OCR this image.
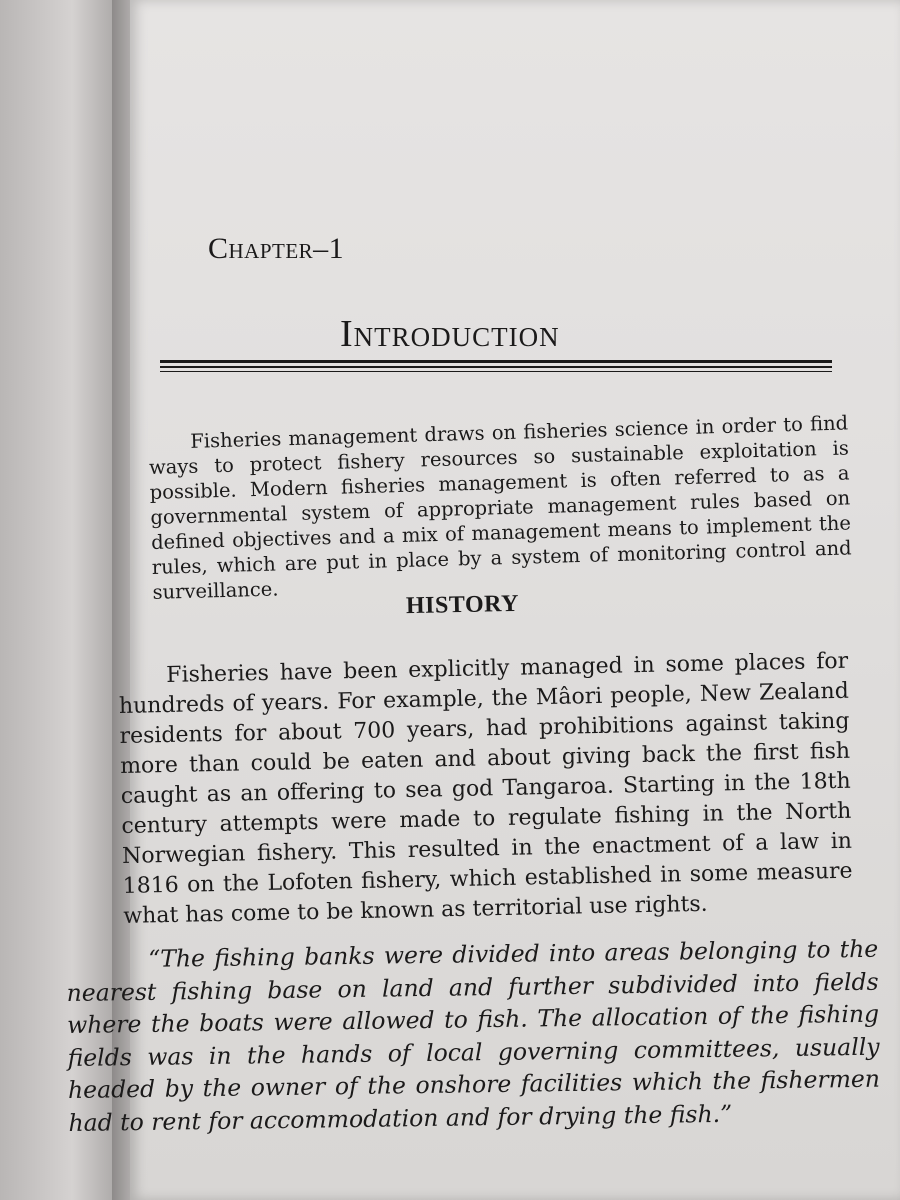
Chapter–1
Introduction

Fisheries management draws on fisheries science in order to find ways to protect fishery resources so sustainable exploitation is possible. Modern fisheries management is often referred to as a governmental system of appropriate management rules based on defined objectives and a mix of management means to implement the rules, which are put in place by a system of monitoring control and surveillance.

HISTORY

Fisheries have been explicitly managed in some places for hundreds of years. For example, the Mâori people, New Zealand residents for about 700 years, had prohibitions against taking more than could be eaten and about giving back the first fish caught as an offering to sea god Tangaroa. Starting in the 18th century attempts were made to regulate fishing in the North Norwegian fishery. This resulted in the enactment of a law in 1816 on the Lofoten fishery, which established in some measure what has come to be known as territorial use rights.

“The fishing banks were divided into areas belonging to the nearest fishing base on land and further subdivided into fields where the boats were allowed to fish. The allocation of the fishing fields was in the hands of local governing committees, usually headed by the owner of the onshore facilities which the fishermen had to rent for accommodation and for drying the fish.”
